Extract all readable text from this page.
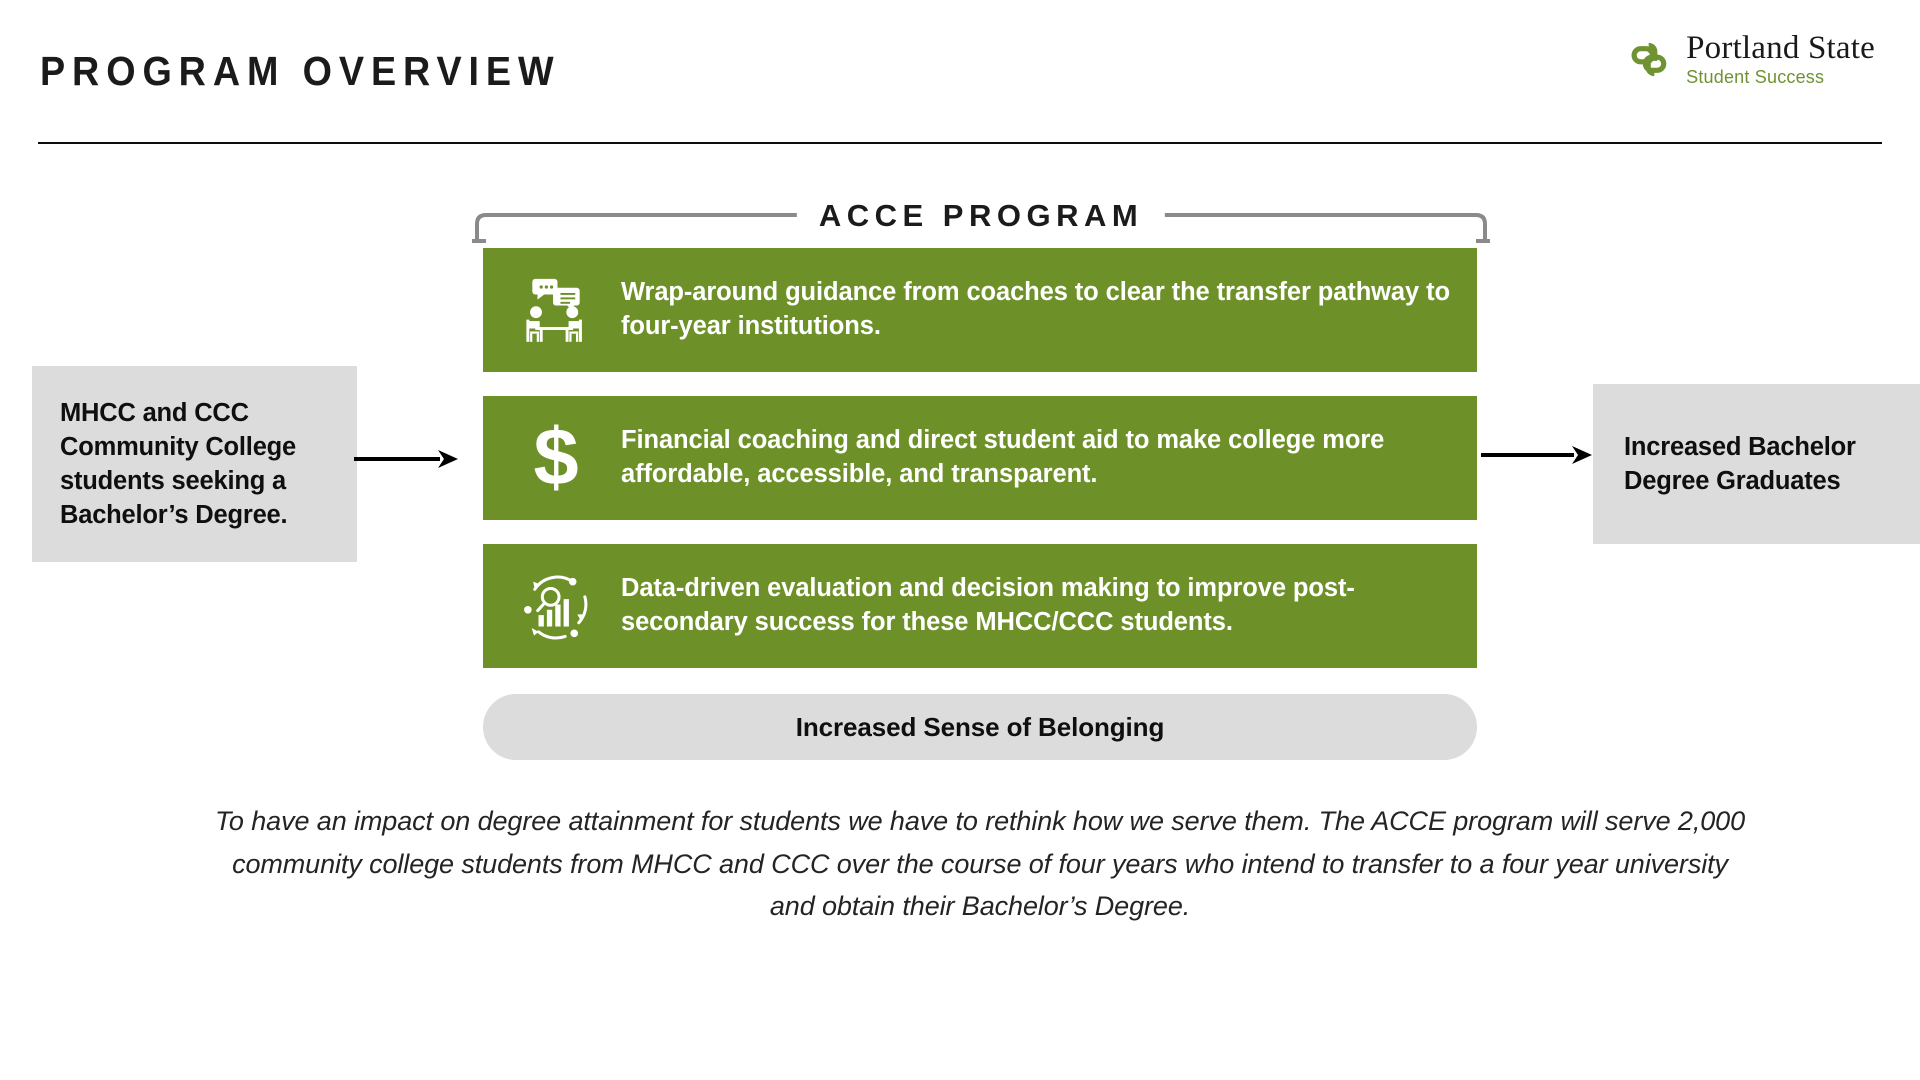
PROGRAM OVERVIEW	Portland State
Student Success
ACCE PROGRAM
Wrap-around guidance from coaches to clear the transfer pathway to four-year institutions.
$ Financial coaching and direct student aid to make college more affordable, accessible, and transparent.
Data-driven evaluation and decision making to improve post-secondary success for these MHCC/CCC students.
Increased Sense of Belonging
MHCC and CCC Community College students seeking a Bachelor’s Degree.
Increased Bachelor Degree Graduates
To have an impact on degree attainment for students we have to rethink how we serve them. The ACCE program will serve 2,000 community college students from MHCC and CCC over the course of four years who intend to transfer to a four year university and obtain their Bachelor’s Degree.
